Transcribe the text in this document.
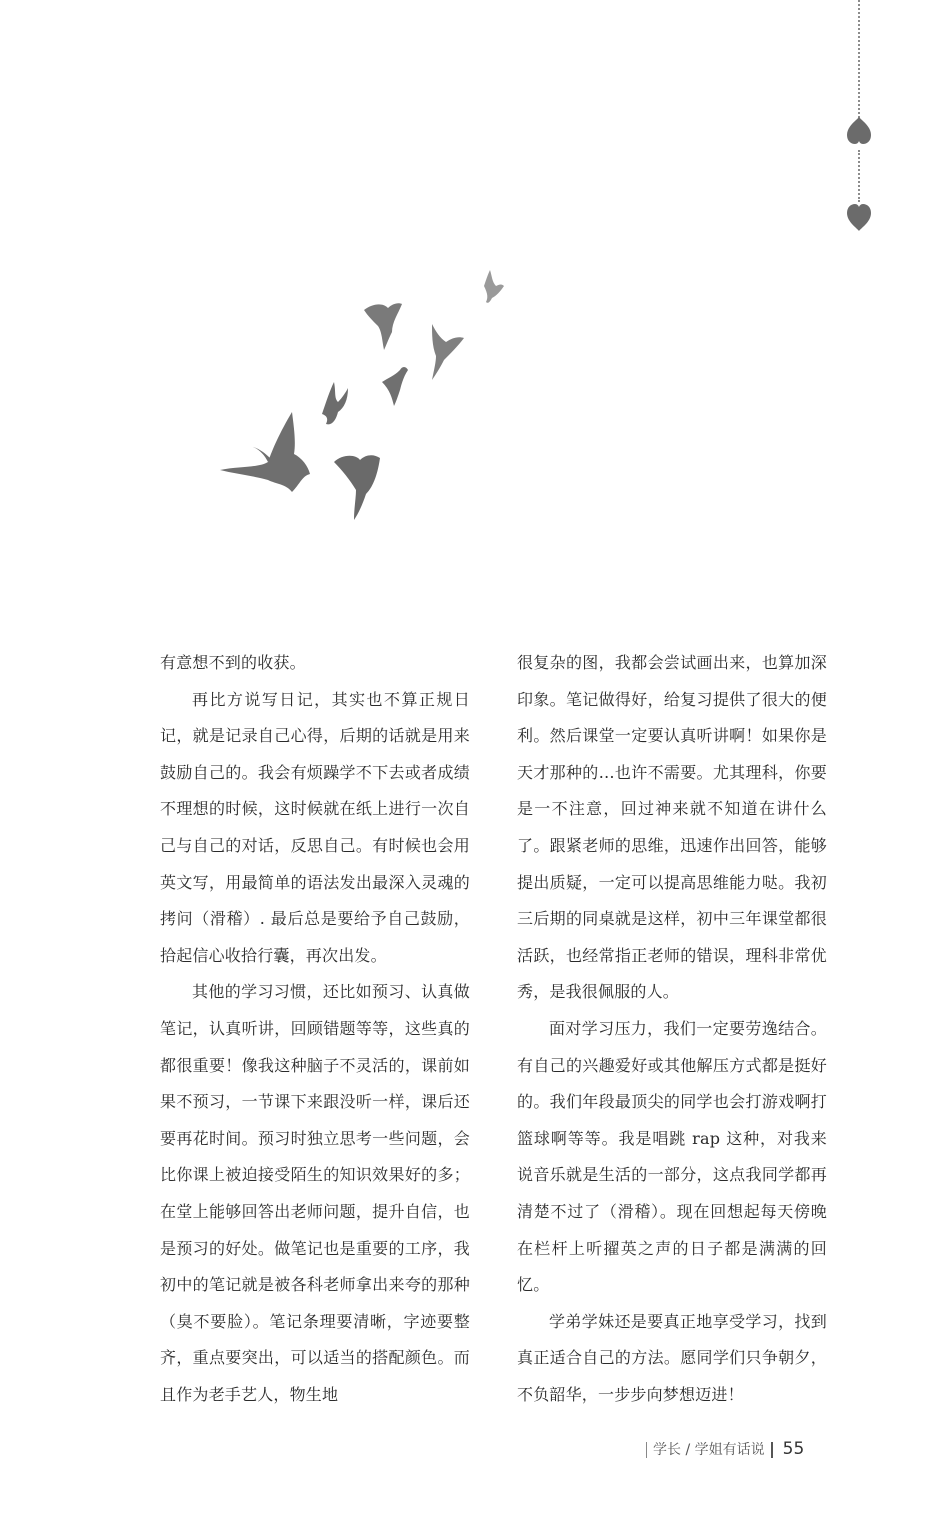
有意想不到的收获。

再比方说写日记，其实也不算正规日记，就是记录自己心得，后期的话就是用来鼓励自己的。我会有烦躁学不下去或者成绩不理想的时候，这时候就在纸上进行一次自己与自己的对话，反思自己。有时候也会用英文写，用最简单的语法发出最深入灵魂的拷问（滑稽）. 最后总是要给予自己鼓励，拾起信心收拾行囊，再次出发。

其他的学习习惯，还比如预习、认真做笔记，认真听讲，回顾错题等等，这些真的都很重要！像我这种脑子不灵活的，课前如果不预习，一节课下来跟没听一样，课后还要再花时间。预习时独立思考一些问题，会比你课上被迫接受陌生的知识效果好的多；在堂上能够回答出老师问题，提升自信，也是预习的好处。做笔记也是重要的工序，我初中的笔记就是被各科老师拿出来夸的那种（臭不要脸）。笔记条理要清晰，字迹要整齐，重点要突出，可以适当的搭配颜色。而且作为老手艺人，物生地

很复杂的图，我都会尝试画出来，也算加深印象。笔记做得好，给复习提供了很大的便利。然后课堂一定要认真听讲啊！如果你是天才那种的…也许不需要。尤其理科，你要是一不注意，回过神来就不知道在讲什么了。跟紧老师的思维，迅速作出回答，能够提出质疑，一定可以提高思维能力哒。我初三后期的同桌就是这样，初中三年课堂都很活跃，也经常指正老师的错误，理科非常优秀，是我很佩服的人。

面对学习压力，我们一定要劳逸结合。有自己的兴趣爱好或其他解压方式都是挺好的。我们年段最顶尖的同学也会打游戏啊打篮球啊等等。我是唱跳 rap 这种，对我来说音乐就是生活的一部分，这点我同学都再清楚不过了（滑稽）。现在回想起每天傍晚在栏杆上听擢英之声的日子都是满满的回忆。

学弟学妹还是要真正地享受学习，找到真正适合自己的方法。愿同学们只争朝夕，不负韶华，一步步向梦想迈进！

学长 / 学姐有话说 55
